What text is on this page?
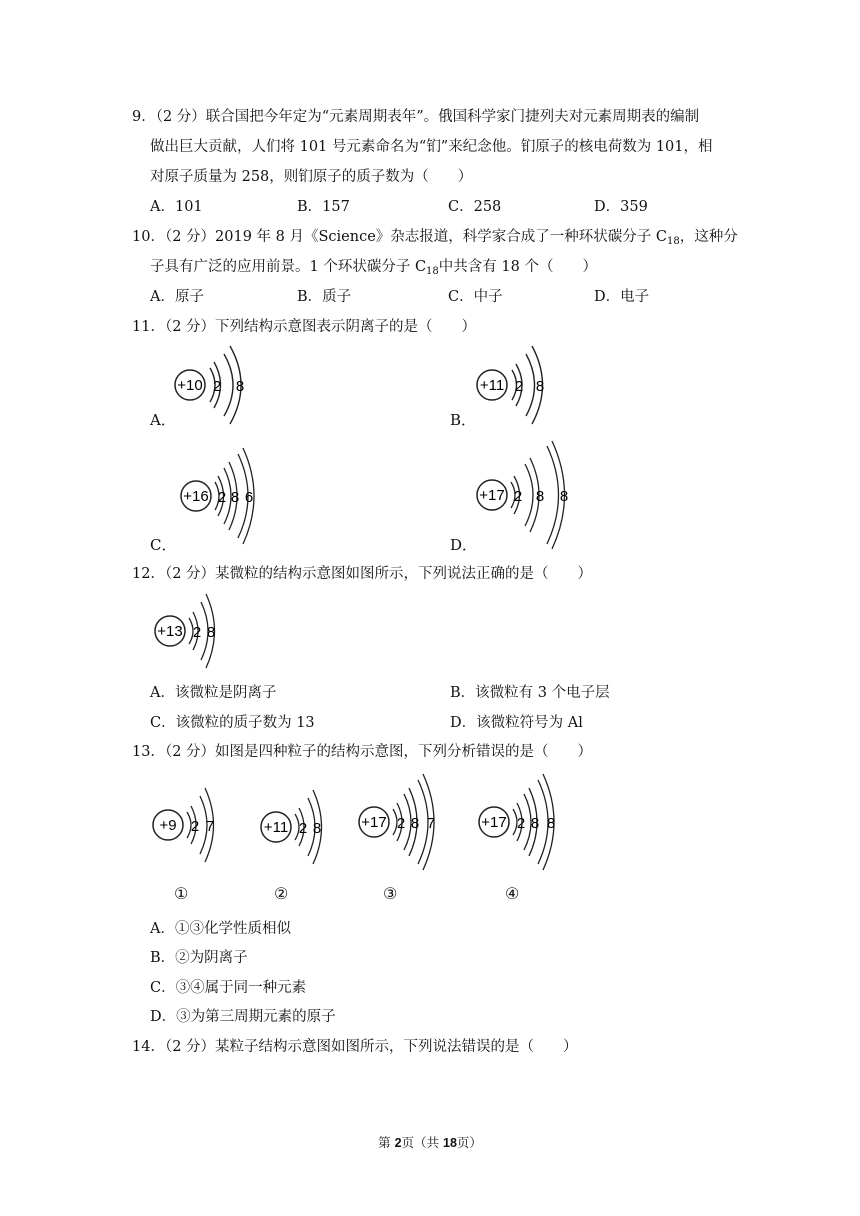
9．（2 分）联合国把今年定为“元素周期表年”。俄国科学家门捷列夫对元素周期表的编制
做出巨大贡献，人们将 101 号元素命名为“钔”来纪念他。钔原子的核电荷数为 101，相
对原子质量为 258，则钔原子的质子数为（　　）
A．101	B．157	C．258	D．359
10．（2 分）2019 年 8 月《Science》杂志报道，科学家合成了一种环状碳分子 $C_{18}$，这种分
子具有广泛的应用前景。1 个环状碳分子 $C_{18}$中共含有 18 个（　　）
A．原子	B．质子	C．中子	D．电子
11．（2 分）下列结构示意图表示阴离子的是（　　）
+10 2 8
A．
+11 2 8
B．
+16 2 8 6
C．
+17 2 8 8
D．
12．（2 分）某微粒的结构示意图如图所示，下列说法正确的是（　　）
+13 2 8
A．该微粒是阴离子	B．该微粒有 3 个电子层
C．该微粒的质子数为 13	D．该微粒符号为 Al
13．（2 分）如图是四种粒子的结构示意图，下列分析错误的是（　　）
+9 2 7
①
+11 2 8
②
+17 2 8 7
③
+17 2 8 8
④
A．①③化学性质相似
B．②为阴离子
C．③④属于同一种元素
D．③为第三周期元素的原子
14．（2 分）某粒子结构示意图如图所示，下列说法错误的是（　　）
第 2页（共 18页）
